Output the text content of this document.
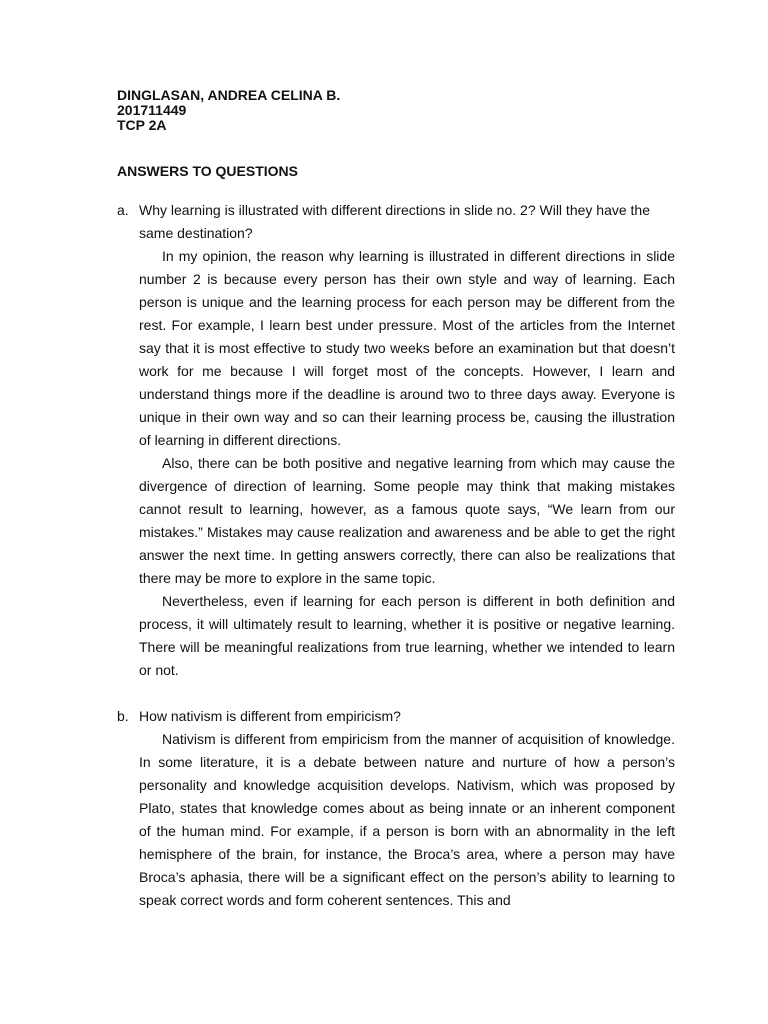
DINGLASAN, ANDREA CELINA B.
201711449
TCP 2A
ANSWERS TO QUESTIONS
a. Why learning is illustrated with different directions in slide no. 2? Will they have the same destination?

In my opinion, the reason why learning is illustrated in different directions in slide number 2 is because every person has their own style and way of learning. Each person is unique and the learning process for each person may be different from the rest. For example, I learn best under pressure. Most of the articles from the Internet say that it is most effective to study two weeks before an examination but that doesn’t work for me because I will forget most of the concepts. However, I learn and understand things more if the deadline is around two to three days away. Everyone is unique in their own way and so can their learning process be, causing the illustration of learning in different directions.

Also, there can be both positive and negative learning from which may cause the divergence of direction of learning. Some people may think that making mistakes cannot result to learning, however, as a famous quote says, “We learn from our mistakes.” Mistakes may cause realization and awareness and be able to get the right answer the next time. In getting answers correctly, there can also be realizations that there may be more to explore in the same topic.

Nevertheless, even if learning for each person is different in both definition and process, it will ultimately result to learning, whether it is positive or negative learning. There will be meaningful realizations from true learning, whether we intended to learn or not.

b. How nativism is different from empiricism?

Nativism is different from empiricism from the manner of acquisition of knowledge. In some literature, it is a debate between nature and nurture of how a person’s personality and knowledge acquisition develops. Nativism, which was proposed by Plato, states that knowledge comes about as being innate or an inherent component of the human mind. For example, if a person is born with an abnormality in the left hemisphere of the brain, for instance, the Broca’s area, where a person may have Broca’s aphasia, there will be a significant effect on the person’s ability to learning to speak correct words and form coherent sentences. This and
